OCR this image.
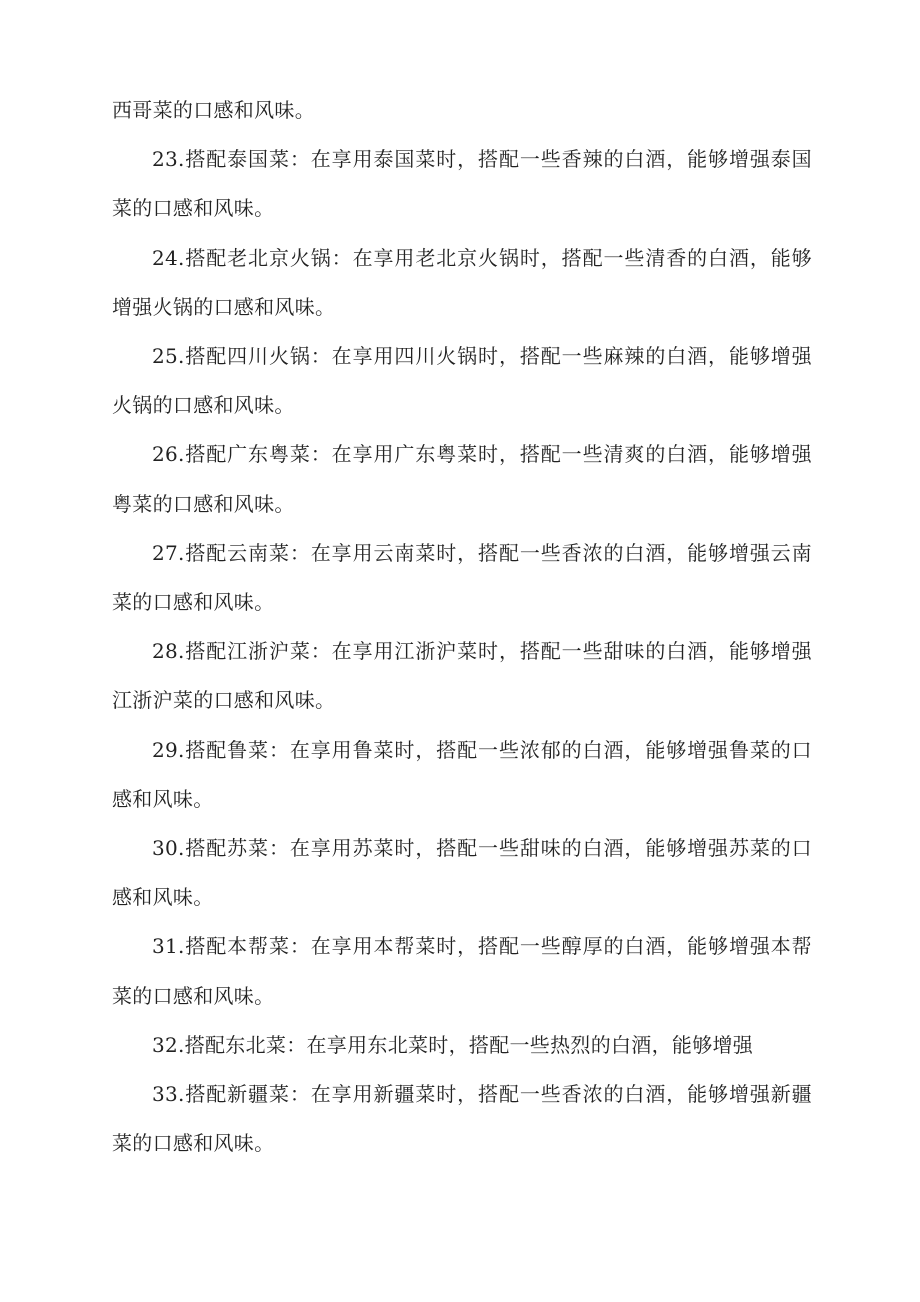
西哥菜的口感和风味。

23.搭配泰国菜：在享用泰国菜时，搭配一些香辣的白酒，能够增强泰国菜的口感和风味。

24.搭配老北京火锅：在享用老北京火锅时，搭配一些清香的白酒，能够增强火锅的口感和风味。

25.搭配四川火锅：在享用四川火锅时，搭配一些麻辣的白酒，能够增强火锅的口感和风味。

26.搭配广东粤菜：在享用广东粤菜时，搭配一些清爽的白酒，能够增强粤菜的口感和风味。

27.搭配云南菜：在享用云南菜时，搭配一些香浓的白酒，能够增强云南菜的口感和风味。

28.搭配江浙沪菜：在享用江浙沪菜时，搭配一些甜味的白酒，能够增强江浙沪菜的口感和风味。

29.搭配鲁菜：在享用鲁菜时，搭配一些浓郁的白酒，能够增强鲁菜的口感和风味。

30.搭配苏菜：在享用苏菜时，搭配一些甜味的白酒，能够增强苏菜的口感和风味。

31.搭配本帮菜：在享用本帮菜时，搭配一些醇厚的白酒，能够增强本帮菜的口感和风味。

32.搭配东北菜：在享用东北菜时，搭配一些热烈的白酒，能够增强

33.搭配新疆菜：在享用新疆菜时，搭配一些香浓的白酒，能够增强新疆菜的口感和风味。
